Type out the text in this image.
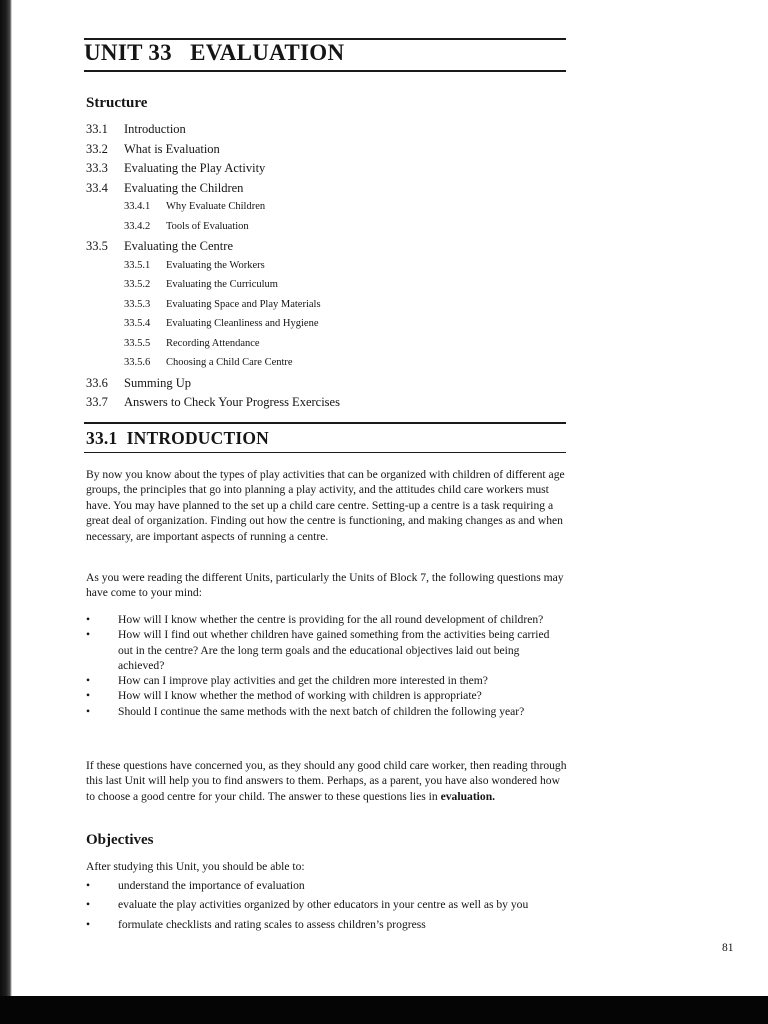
UNIT 33 EVALUATION
Structure
33.1 Introduction
33.2 What is Evaluation
33.3 Evaluating the Play Activity
33.4 Evaluating the Children
33.4.1 Why Evaluate Children
33.4.2 Tools of Evaluation
33.5 Evaluating the Centre
33.5.1 Evaluating the Workers
33.5.2 Evaluating the Curriculum
33.5.3 Evaluating Space and Play Materials
33.5.4 Evaluating Cleanliness and Hygiene
33.5.5 Recording Attendance
33.5.6 Choosing a Child Care Centre
33.6 Summing Up
33.7 Answers to Check Your Progress Exercises
33.1 INTRODUCTION

By now you know about the types of play activities that can be organized with children of different age groups, the principles that go into planning a play activity, and the attitudes child care workers must have. You may have planned to the set up a child care centre. Setting-up a centre is a task requiring a great deal of organization. Finding out how the centre is functioning, and making changes as and when necessary, are important aspects of running a centre.

As you were reading the different Units, particularly the Units of Block 7, the following questions may have come to your mind:

• How will I know whether the centre is providing for the all round development of children?
• How will I find out whether children have gained something from the activities being carried out in the centre? Are the long term goals and the educational objectives laid out being achieved?
• How can I improve play activities and get the children more interested in them?
• How will I know whether the method of working with children is appropriate?
• Should I continue the same methods with the next batch of children the following year?

If these questions have concerned you, as they should any good child care worker, then reading through this last Unit will help you to find answers to them. Perhaps, as a parent, you have also wondered how to choose a good centre for your child. The answer to these questions lies in evaluation.

Objectives

After studying this Unit, you should be able to:

• understand the importance of evaluation
• evaluate the play activities organized by other educators in your centre as well as by you
• formulate checklists and rating scales to assess children’s progress
81
